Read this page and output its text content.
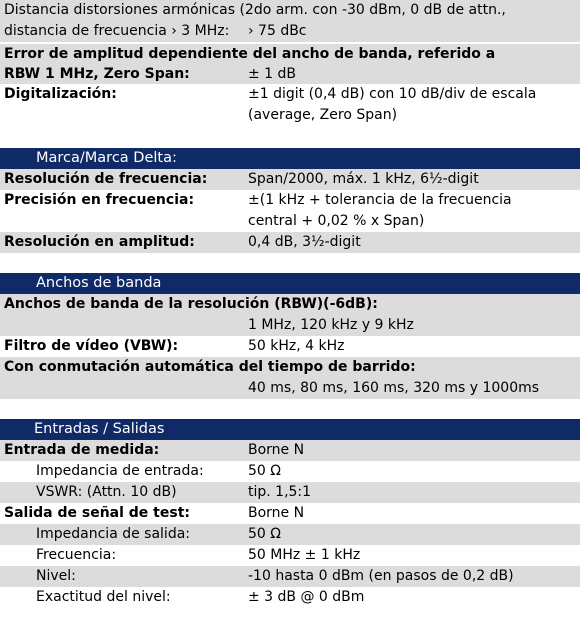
Distancia distorsiones armónicas (2do arm. con -30 dBm, 0 dB de attn.,
distancia de frecuencia › 3 MHz: › 75 dBc
Error de amplitud dependiente del ancho de banda, referido a
RBW 1 MHz, Zero Span:	± 1 dB
Digitalización:	±1 digit (0,4 dB) con 10 dB/div de escala
(average, Zero Span)
Marca/Marca Delta:
Resolución de frecuencia:	Span/2000, máx. 1 kHz, 6½-digit
Precisión en frecuencia:	±(1 kHz + tolerancia de la frecuencia
central + 0,02 % x Span)
Resolución en amplitud:	0,4 dB, 3½-digit
Anchos de banda
Anchos de banda de la resolución (RBW)(-6dB):
1 MHz, 120 kHz y 9 kHz
Filtro de vídeo (VBW):	50 kHz, 4 kHz
Con conmutación automática del tiempo de barrido:
40 ms, 80 ms, 160 ms, 320 ms y 1000ms
Entradas / Salidas
Entrada de medida:	Borne N
Impedancia de entrada:	50 Ω
VSWR: (Attn. 10 dB)	tip. 1,5:1
Salida de señal de test:	Borne N
Impedancia de salida:	50 Ω
Frecuencia:	50 MHz ± 1 kHz
Nivel:	-10 hasta 0 dBm (en pasos de 0,2 dB)
Exactitud del nivel:	± 3 dB @ 0 dBm
